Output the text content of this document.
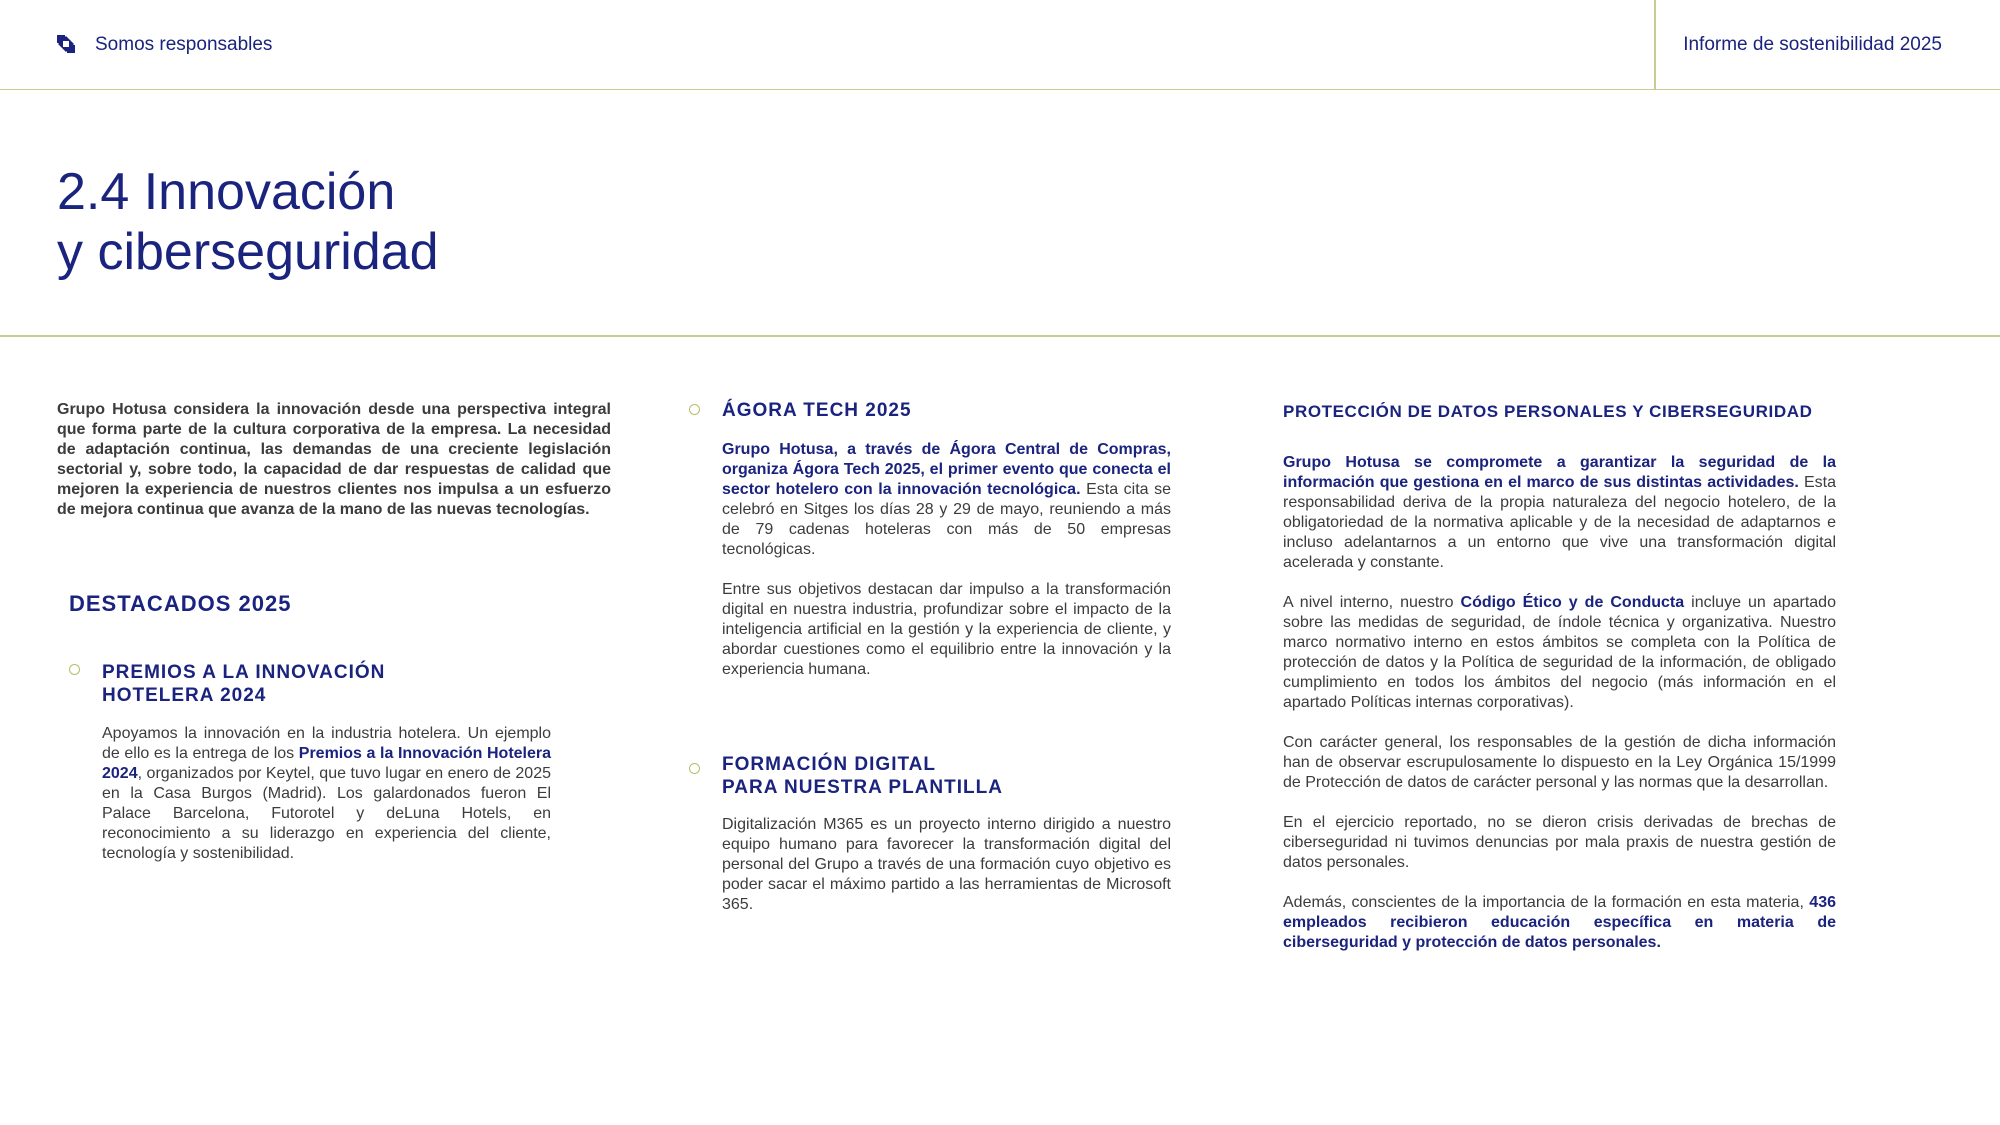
Somos responsables	Informe de sostenibilidad 2025
2.4 Innovación
y ciberseguridad

Grupo Hotusa considera la innovación desde una perspectiva integral que forma parte de la cultura corporativa de la empresa. La necesidad de adaptación continua, las demandas de una creciente legislación sectorial y, sobre todo, la capacidad de dar respuestas de calidad que mejoren la experiencia de nuestros clientes nos impulsa a un esfuerzo de mejora continua que avanza de la mano de las nuevas tecnologías.

DESTACADOS 2025
PREMIOS A LA INNOVACIÓN
HOTELERA 2024

Apoyamos la innovación en la industria hotelera. Un ejemplo de ello es la entrega de los Premios a la Innovación Hotelera 2024, organizados por Keytel, que tuvo lugar en enero de 2025 en la Casa Burgos (Madrid). Los galardonados fueron El Palace Barcelona, Futorotel y deLuna Hotels, en reconocimiento a su liderazgo en experiencia del cliente, tecnología y sostenibilidad.

ÁGORA TECH 2025

Grupo Hotusa, a través de Ágora Central de Compras, organiza Ágora Tech 2025, el primer evento que conecta el sector hotelero con la innovación tecnológica. Esta cita se celebró en Sitges los días 28 y 29 de mayo, reuniendo a más de 79 cadenas hoteleras con más de 50 empresas tecnológicas.

Entre sus objetivos destacan dar impulso a la transformación digital en nuestra industria, profundizar sobre el impacto de la inteligencia artificial en la gestión y la experiencia de cliente, y abordar cuestiones como el equilibrio entre la innovación y la experiencia humana.

FORMACIÓN DIGITAL
PARA NUESTRA PLANTILLA

Digitalización M365 es un proyecto interno dirigido a nuestro equipo humano para favorecer la transformación digital del personal del Grupo a través de una formación cuyo objetivo es poder sacar el máximo partido a las herramientas de Microsoft 365.

PROTECCIÓN DE DATOS PERSONALES Y CIBERSEGURIDAD

Grupo Hotusa se compromete a garantizar la seguridad de la información que gestiona en el marco de sus distintas actividades. Esta responsabilidad deriva de la propia naturaleza del negocio hotelero, de la obligatoriedad de la normativa aplicable y de la necesidad de adaptarnos e incluso adelantarnos a un entorno que vive una transformación digital acelerada y constante.

A nivel interno, nuestro Código Ético y de Conducta incluye un apartado sobre las medidas de seguridad, de índole técnica y organizativa. Nuestro marco normativo interno en estos ámbitos se completa con la Política de protección de datos y la Política de seguridad de la información, de obligado cumplimiento en todos los ámbitos del negocio (más información en el apartado Políticas internas corporativas).

Con carácter general, los responsables de la gestión de dicha información han de observar escrupulosamente lo dispuesto en la Ley Orgánica 15/1999 de Protección de datos de carácter personal y las normas que la desarrollan.

En el ejercicio reportado, no se dieron crisis derivadas de brechas de ciberseguridad ni tuvimos denuncias por mala praxis de nuestra gestión de datos personales.

Además, conscientes de la importancia de la formación en esta materia, 436 empleados recibieron educación específica en materia de ciberseguridad y protección de datos personales.
